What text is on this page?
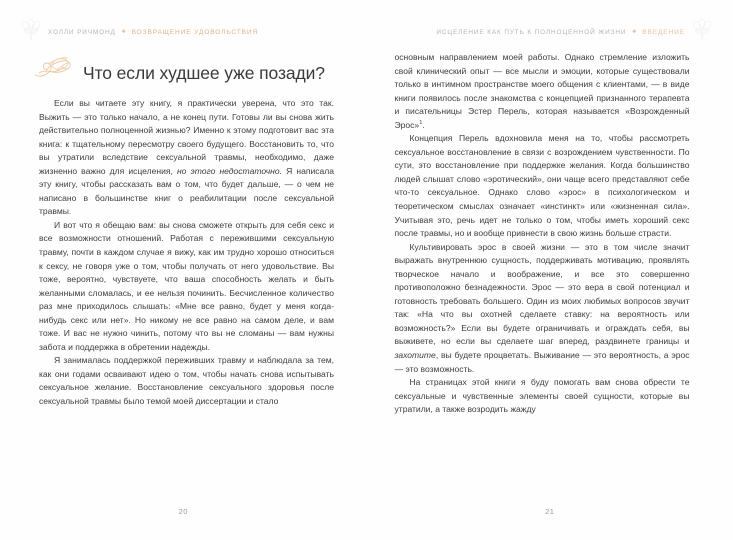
ХОЛЛИ РИЧМОНД ◆ ВОЗВРАЩЕНИЕ УДОВОЛЬСТВИЯ
Что если худшее уже позади?

Если вы читаете эту книгу, я практически уверена, что это так. Выжить — это только начало, а не конец пути. Готовы ли вы снова жить действительно полноценной жизнью? Именно к этому подготовит вас эта книга: к тщательному пересмотру своего будущего. Восстановить то, что вы утратили вследствие сексуальной травмы, необходимо, даже жизненно важно для исцеления, но этого недостаточно. Я написала эту книгу, чтобы рассказать вам о том, что будет дальше, — о чем не написано в большинстве книг о реабилитации после сексуальной травмы.

И вот что я обещаю вам: вы снова сможете открыть для себя секс и все возможности отношений. Работая с пережившими сексуальную травму, почти в каждом случае я вижу, как им трудно хорошо относиться к сексу, не говоря уже о том, чтобы получать от него удовольствие. Вы тоже, вероятно, чувствуете, что ваша способность желать и быть желанными сломалась, и ее нельзя починить. Бесчисленное количество раз мне приходилось слышать: «Мне все равно, будет у меня когда-нибудь секс или нет». Но никому не все равно на самом деле, и вам тоже. И вас не нужно чинить, потому что вы не сломаны — вам нужны забота и поддержка в обретении надежды.

Я занималась поддержкой переживших травму и наблюдала за тем, как они годами осваивают идею о том, чтобы начать снова испытывать сексуальное желание. Восстановление сексуального здоровья после сексуальной травмы было темой моей диссертации и стало

20
ИСЦЕЛЕНИЕ КАК ПУТЬ К ПОЛНОЦЕННОЙ ЖИЗНИ ◆ ВВЕДЕНИЕ

основным направлением моей работы. Однако стремление изложить свой клинический опыт — все мысли и эмоции, которые существовали только в интимном пространстве моего общения с клиентами, — в виде книги появилось после знакомства с концепцией признанного терапевта и писательницы Эстер Перель, которая называется «Возрожденный Эрос»$^1$.

Концепция Перель вдохновила меня на то, чтобы рассмотреть сексуальное восстановление в связи с возрождением чувственности. По сути, это восстановление при поддержке желания. Когда большинство людей слышат слово «эротический», они чаще всего представляют себе что-то сексуальное. Однако слово «эрос» в психологическом и теоретическом смыслах означает «инстинкт» или «жизненная сила». Учитывая это, речь идет не только о том, чтобы иметь хороший секс после травмы, но и вообще привнести в свою жизнь больше страсти.

Культивировать эрос в своей жизни — это в том числе значит выражать внутреннюю сущность, поддерживать мотивацию, проявлять творческое начало и воображение, и все это совершенно противоположно безнадежности. Эрос — это вера в свой потенциал и готовность требовать большего. Один из моих любимых вопросов звучит так: «На что вы охотней сделаете ставку: на вероятность или возможность?» Если вы будете ограничивать и ограждать себя, вы выживете, но если вы сделаете шаг вперед, раздвинете границы и захотите, вы будете процветать. Выживание — это вероятность, а эрос — это возможность.

На страницах этой книги я буду помогать вам снова обрести те сексуальные и чувственные элементы своей сущности, которые вы утратили, а также возродить жажду

21
